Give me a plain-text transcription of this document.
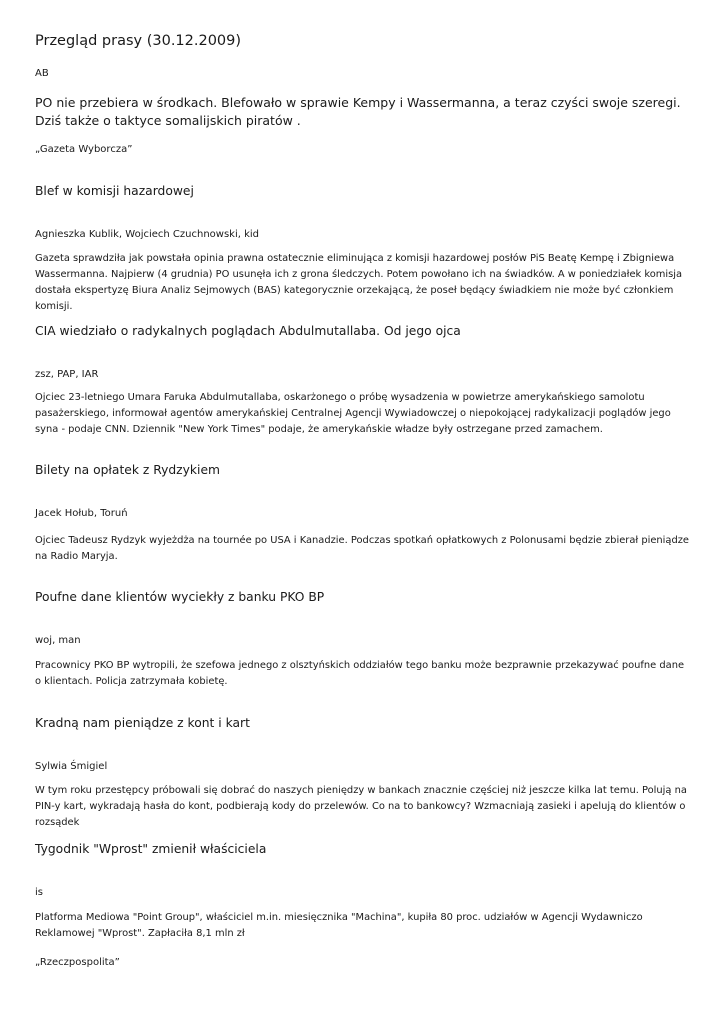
Przegląd prasy (30.12.2009)

AB

PO nie przebiera w środkach. Blefowało w sprawie Kempy i Wassermanna, a teraz czyści swoje szeregi. Dziś także o taktyce somalijskich piratów .

„Gazeta Wyborcza”

Blef w komisji hazardowej

Agnieszka Kublik, Wojciech Czuchnowski, kid

Gazeta sprawdziła jak powstała opinia prawna ostatecznie eliminująca z komisji hazardowej posłów PiS Beatę Kempę i Zbigniewa Wassermanna. Najpierw (4 grudnia) PO usunęła ich z grona śledczych. Potem powołano ich na świadków. A w poniedziałek komisja dostała ekspertyzę Biura Analiz Sejmowych (BAS) kategorycznie orzekającą, że poseł będący świadkiem nie może być członkiem komisji.

CIA wiedziało o radykalnych poglądach Abdulmutallaba. Od jego ojca

zsz, PAP, IAR

Ojciec 23-letniego Umara Faruka Abdulmutallaba, oskarżonego o próbę wysadzenia w powietrze amerykańskiego samolotu pasażerskiego, informował agentów amerykańskiej Centralnej Agencji Wywiadowczej o niepokojącej radykalizacji poglądów jego syna - podaje CNN. Dziennik "New York Times" podaje, że amerykańskie władze były ostrzegane przed zamachem.

Bilety na opłatek z Rydzykiem

Jacek Hołub, Toruń

Ojciec Tadeusz Rydzyk wyjeżdża na tournée po USA i Kanadzie. Podczas spotkań opłatkowych z Polonusami będzie zbierał pieniądze na Radio Maryja.

Poufne dane klientów wyciekły z banku PKO BP

woj, man

Pracownicy PKO BP wytropili, że szefowa jednego z olsztyńskich oddziałów tego banku może bezprawnie przekazywać poufne dane o klientach. Policja zatrzymała kobietę.

Kradną nam pieniądze z kont i kart

Sylwia Śmigiel

W tym roku przestępcy próbowali się dobrać do naszych pieniędzy w bankach znacznie częściej niż jeszcze kilka lat temu. Polują na PIN-y kart, wykradają hasła do kont, podbierają kody do przelewów. Co na to bankowcy? Wzmacniają zasieki i apelują do klientów o rozsądek

Tygodnik "Wprost" zmienił właściciela

is

Platforma Mediowa "Point Group", właściciel m.in. miesięcznika "Machina", kupiła 80 proc. udziałów w Agencji Wydawniczo Reklamowej "Wprost". Zapłaciła 8,1 mln zł

„Rzeczpospolita”
